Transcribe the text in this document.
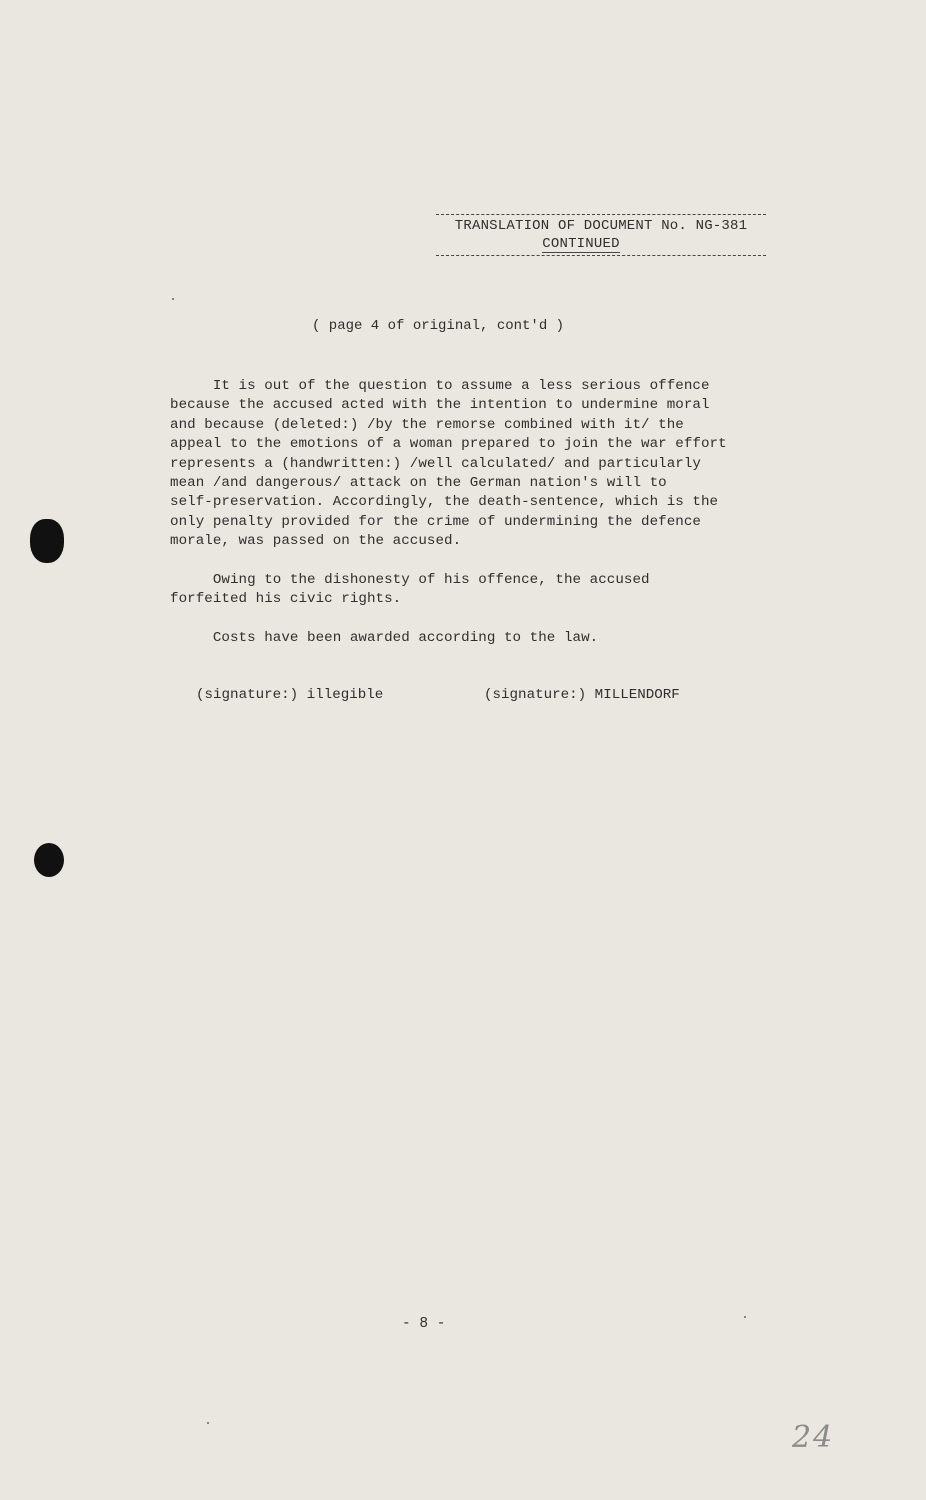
TRANSLATION OF DOCUMENT No. NG-381
CONTINUED
( page 4 of original, cont'd )
It is out of the question to assume a less serious offence
because the accused acted with the intention to undermine moral
and because (deleted:) /by the remorse combined with it/ the
appeal to the emotions of a woman prepared to join the war effort
represents a (handwritten:) /well calculated/ and particularly
mean /and dangerous/ attack on the German nation's will to
self-preservation. Accordingly, the death-sentence, which is the
only penalty provided for the crime of undermining the defence
morale, was passed on the accused.
Owing to the dishonesty of his offence, the accused
forfeited his civic rights.
Costs have been awarded according to the law.
(signature:) illegible	(signature:) MILLENDORF
- 8 -
24
